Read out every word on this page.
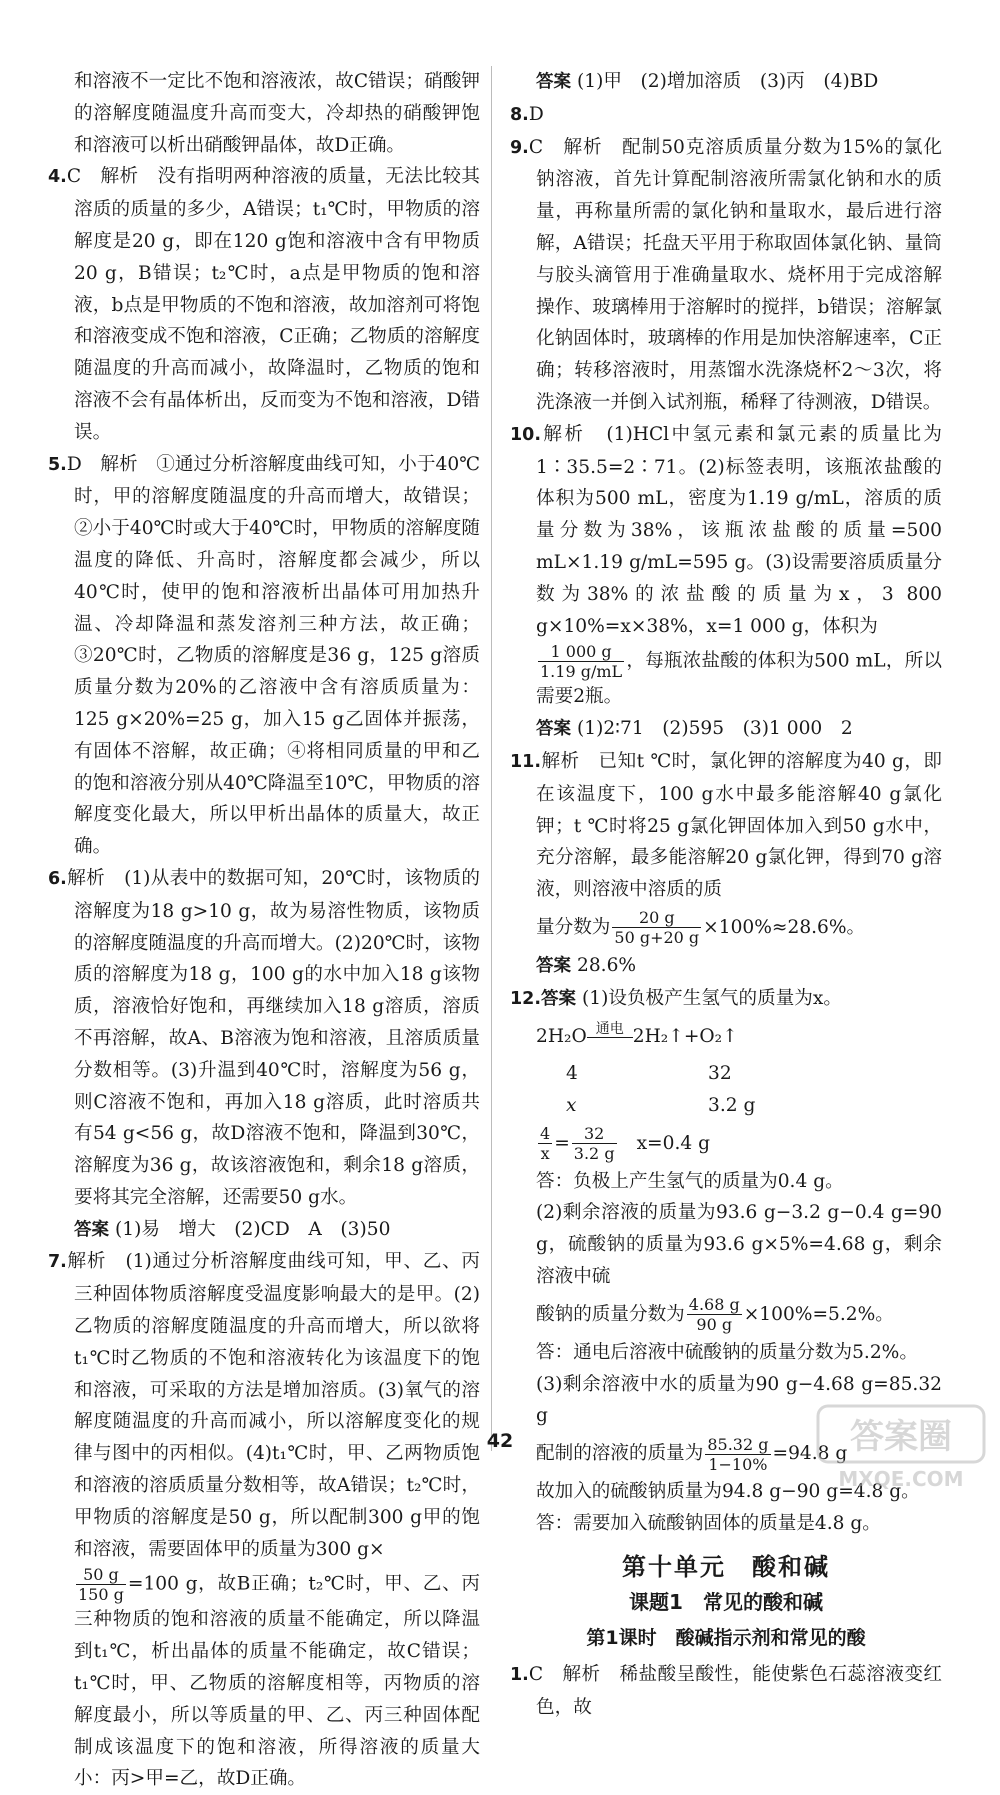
和溶液不一定比不饱和溶液浓，故C错误；硝酸钾的溶解度随温度升高而变大，冷却热的硝酸钾饱和溶液可以析出硝酸钾晶体，故D正确。

4.C　解析　没有指明两种溶液的质量，无法比较其溶质的质量的多少，A错误；t₁℃时，甲物质的溶解度是20 g，即在120 g饱和溶液中含有甲物质20 g，B错误；t₂℃时，a点是甲物质的饱和溶液，b点是甲物质的不饱和溶液，故加溶剂可将饱和溶液变成不饱和溶液，C正确；乙物质的溶解度随温度的升高而减小，故降温时，乙物质的饱和溶液不会有晶体析出，反而变为不饱和溶液，D错误。

5.D　解析　①通过分析溶解度曲线可知，小于40℃时，甲的溶解度随温度的升高而增大，故错误；②小于40℃时或大于40℃时，甲物质的溶解度随温度的降低、升高时，溶解度都会减少，所以40℃时，使甲的饱和溶液析出晶体可用加热升温、冷却降温和蒸发溶剂三种方法，故正确；③20℃时，乙物质的溶解度是36 g，125 g溶质质量分数为20%的乙溶液中含有溶质质量为：125 g×20%=25 g，加入15 g乙固体并振荡，有固体不溶解，故正确；④将相同质量的甲和乙的饱和溶液分别从40℃降温至10℃，甲物质的溶解度变化最大，所以甲析出晶体的质量大，故正确。

6.解析　(1)从表中的数据可知，20℃时，该物质的溶解度为18 g>10 g，故为易溶性物质，该物质的溶解度随温度的升高而增大。(2)20℃时，该物质的溶解度为18 g，100 g的水中加入18 g该物质，溶液恰好饱和，再继续加入18 g溶质，溶质不再溶解，故A、B溶液为饱和溶液，且溶质质量分数相等。(3)升温到40℃时，溶解度为56 g，则C溶液不饱和，再加入18 g溶质，此时溶质共有54 g<56 g，故D溶液不饱和，降温到30℃，溶解度为36 g，故该溶液饱和，剩余18 g溶质，要将其完全溶解，还需要50 g水。

答案 (1)易　增大　(2)CD　A　(3)50

7.解析　(1)通过分析溶解度曲线可知，甲、乙、丙三种固体物质溶解度受温度影响最大的是甲。(2)乙物质的溶解度随温度的升高而增大，所以欲将t₁℃时乙物质的不饱和溶液转化为该温度下的饱和溶液，可采取的方法是增加溶质。(3)氧气的溶解度随温度的升高而减小，所以溶解度变化的规律与图中的丙相似。(4)t₁℃时，甲、乙两物质饱和溶液的溶质质量分数相等，故A错误；t₂℃时，甲物质的溶解度是50 g，所以配制300 g甲的饱和溶液，需要固体甲的质量为300 g×

$\frac{50 g}{150 g} =100$ g，故B正确；t₂℃时，甲、乙、丙三种物质的饱和溶液的质量不能确定，所以降温到t₁℃，析出晶体的质量不能确定，故C错误；t₁℃时，甲、乙物质的溶解度相等，丙物质的溶解度最小，所以等质量的甲、乙、丙三种固体配制成该温度下的饱和溶液，所得溶液的质量大小：丙>甲=乙，故D正确。

答案 (1)甲　(2)增加溶质　(3)丙　(4)BD

8.D

9.C　解析　配制50克溶质质量分数为15%的氯化钠溶液，首先计算配制溶液所需氯化钠和水的质量，再称量所需的氯化钠和量取水，最后进行溶解，A错误；托盘天平用于称取固体氯化钠、量筒与胶头滴管用于准确量取水、烧杯用于完成溶解操作、玻璃棒用于溶解时的搅拌，b错误；溶解氯化钠固体时，玻璃棒的作用是加快溶解速率，C正确；转移溶液时，用蒸馏水洗涤烧杯2～3次，将洗涤液一并倒入试剂瓶，稀释了待测液，D错误。

10.解析　(1)HCl中氢元素和氯元素的质量比为1∶35.5=2∶71。(2)标签表明，该瓶浓盐酸的体积为500 mL，密度为1.19 g/mL，溶质的质量分数为38%，该瓶浓盐酸的质量=500 mL×1.19 g/mL=595 g。(3)设需要溶质质量分数为38%的浓盐酸的质量为x，3 800 g×10%=x×38%，x=1 000 g，体积为

$\frac{1 000 g}{1.19 g/mL}$ ，每瓶浓盐酸的体积为500 mL，所以需要2瓶。

答案 (1)2∶71　(2)595　(3)1 000　2

11.解析　已知t ℃时，氯化钾的溶解度为40 g，即在该温度下，100 g水中最多能溶解40 g氯化钾；t ℃时将25 g氯化钾固体加入到50 g水中，充分溶解，最多能溶解20 g氯化钾，得到70 g溶液，则溶液中溶质的质

量分数为 $\frac{20 g}{50 g+20 g} \times 100\%\approx 28.6\%$。

答案 28.6%

12.答案 (1)设负极产生氢气的质量为x。

2H₂O 通电 2H₂↑+O₂↑
4	32
x	3.2 g
$\frac{4}{x} = \frac{32}{3.2 g} x=0.4$ g

答：负极上产生氢气的质量为0.4 g。

(2)剩余溶液的质量为93.6 g−3.2 g−0.4 g=90 g，硫酸钠的质量为93.6 g×5%=4.68 g，剩余溶液中硫

酸钠的质量分数为 $\frac{4.68 g}{90 g} \times 100\%=5.2\%$。

答：通电后溶液中硫酸钠的质量分数为5.2%。

(3)剩余溶液中水的质量为90 g−4.68 g=85.32 g

配制的溶液的质量为 $\frac{85.32 g}{1-10\%} =94.8$ g

故加入的硫酸钠质量为94.8 g−90 g=4.8 g。

答：需要加入硫酸钠固体的质量是4.8 g。

第十单元　酸和碱
课题1　常见的酸和碱
第1课时　酸碱指示剂和常见的酸

1.C　解析　稀盐酸呈酸性，能使紫色石蕊溶液变红色，故

42	答案圈
MXQE.COM
